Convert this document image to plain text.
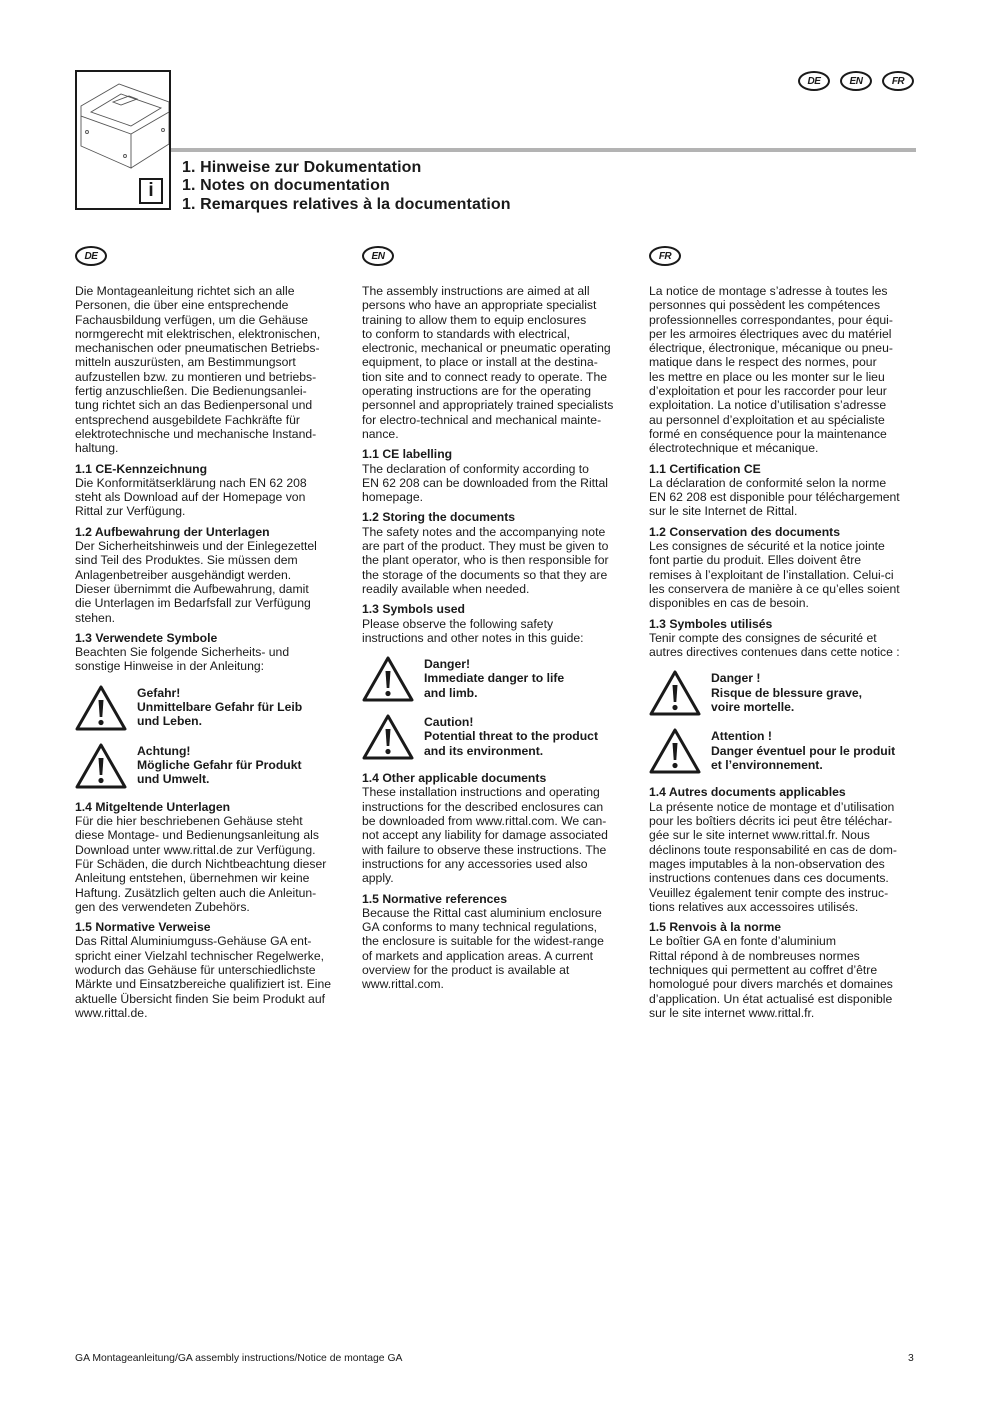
i
DE	EN	FR
1. Hinweise zur Dokumentation
1. Notes on documentation
1. Remarques relatives à la documentation
DE

Die Montageanleitung richtet sich an alle

Personen, die über eine entsprechende

Fachausbildung verfügen, um die Gehäuse

normgerecht mit elektrischen, elektronischen,

mechanischen oder pneumatischen Betriebs-

mitteln auszurüsten, am Bestimmungsort

aufzustellen bzw. zu montieren und betriebs-

fertig anzuschließen. Die Bedienungsanlei-

tung richtet sich an das Bedienpersonal und

entsprechend ausgebildete Fachkräfte für

elektrotechnische und mechanische Instand-

haltung.

1.1 CE-Kennzeichnung

Die Konformitätserklärung nach EN 62 208

steht als Download auf der Homepage von

Rittal zur Verfügung.

1.2 Aufbewahrung der Unterlagen

Der Sicherheitshinweis und der Einlegezettel

sind Teil des Produktes. Sie müssen dem

Anlagenbetreiber ausgehändigt werden.

Dieser übernimmt die Aufbewahrung, damit

die Unterlagen im Bedarfsfall zur Verfügung

stehen.

1.3 Verwendete Symbole

Beachten Sie folgende Sicherheits- und

sonstige Hinweise in der Anleitung:

Gefahr!
Unmittelbare Gefahr für Leib
und Leben.
Achtung!
Mögliche Gefahr für Produkt
und Umwelt.
1.4 Mitgeltende Unterlagen

Für die hier beschriebenen Gehäuse steht

diese Montage- und Bedienungsanleitung als

Download unter www.rittal.de zur Verfügung.

Für Schäden, die durch Nichtbeachtung dieser

Anleitung entstehen, übernehmen wir keine

Haftung. Zusätzlich gelten auch die Anleitun-

gen des verwendeten Zubehörs.

1.5 Normative Verweise

Das Rittal Aluminiumguss-Gehäuse GA ent-

spricht einer Vielzahl technischer Regelwerke,

wodurch das Gehäuse für unterschiedlichste

Märkte und Einsatzbereiche qualifiziert ist. Eine

aktuelle Übersicht finden Sie beim Produkt auf

www.rittal.de.

EN

The assembly instructions are aimed at all

persons who have an appropriate specialist

training to allow them to equip enclosures

to conform to standards with electrical,

electronic, mechanical or pneumatic operating

equipment, to place or install at the destina-

tion site and to connect ready to operate. The

operating instructions are for the operating

personnel and appropriately trained specialists

for electro-technical and mechanical mainte-

nance.

1.1 CE labelling

The declaration of conformity according to

EN 62 208 can be downloaded from the Rittal

homepage.

1.2 Storing the documents

The safety notes and the accompanying note

are part of the product. They must be given to

the plant operator, who is then responsible for

the storage of the documents so that they are

readily available when needed.

1.3 Symbols used

Please observe the following safety

instructions and other notes in this guide:

Danger!
Immediate danger to life
and limb.
Caution!
Potential threat to the product
and its environment.
1.4 Other applicable documents

These installation instructions and operating

instructions for the described enclosures can

be downloaded from www.rittal.com. We can-

not accept any liability for damage associated

with failure to observe these instructions. The

instructions for any accessories used also

apply.

1.5 Normative references

Because the Rittal cast aluminium enclosure

GA conforms to many technical regulations,

the enclosure is suitable for the widest-range

of markets and application areas. A current

overview for the product is available at

www.rittal.com.

FR

La notice de montage s’adresse à toutes les

personnes qui possèdent les compétences

professionnelles correspondantes, pour équi-

per les armoires électriques avec du matériel

électrique, électronique, mécanique ou pneu-

matique dans le respect des normes, pour

les mettre en place ou les monter sur le lieu

d’exploitation et pour les raccorder pour leur

exploitation. La notice d’utilisation s’adresse

au personnel d’exploitation et au spécialiste

formé en conséquence pour la maintenance

électrotechnique et mécanique.

1.1 Certification CE

La déclaration de conformité selon la norme

EN 62 208 est disponible pour téléchargement

sur le site Internet de Rittal.

1.2 Conservation des documents

Les consignes de sécurité et la notice jointe

font partie du produit. Elles doivent être

remises à l’exploitant de l’installation. Celui-ci

les conservera de manière à ce qu’elles soient

disponibles en cas de besoin.

1.3 Symboles utilisés

Tenir compte des consignes de sécurité et

autres directives contenues dans cette notice :

Danger !
Risque de blessure grave,
voire mortelle.
Attention !
Danger éventuel pour le produit
et l’environnement.
1.4 Autres documents applicables

La présente notice de montage et d’utilisation

pour les boîtiers décrits ici peut être téléchar-

gée sur le site internet www.rittal.fr. Nous

déclinons toute responsabilité en cas de dom-

mages imputables à la non-observation des

instructions contenues dans ces documents.

Veuillez également tenir compte des instruc-

tions relatives aux accessoires utilisés.

1.5 Renvois à la norme

Le boîtier GA en fonte d’aluminium

Rittal répond à de nombreuses normes

techniques qui permettent au coffret d’être

homologué pour divers marchés et domaines

d’application. Un état actualisé est disponible

sur le site internet www.rittal.fr.

GA Montageanleitung/GA assembly instructions/Notice de montage GA	3
